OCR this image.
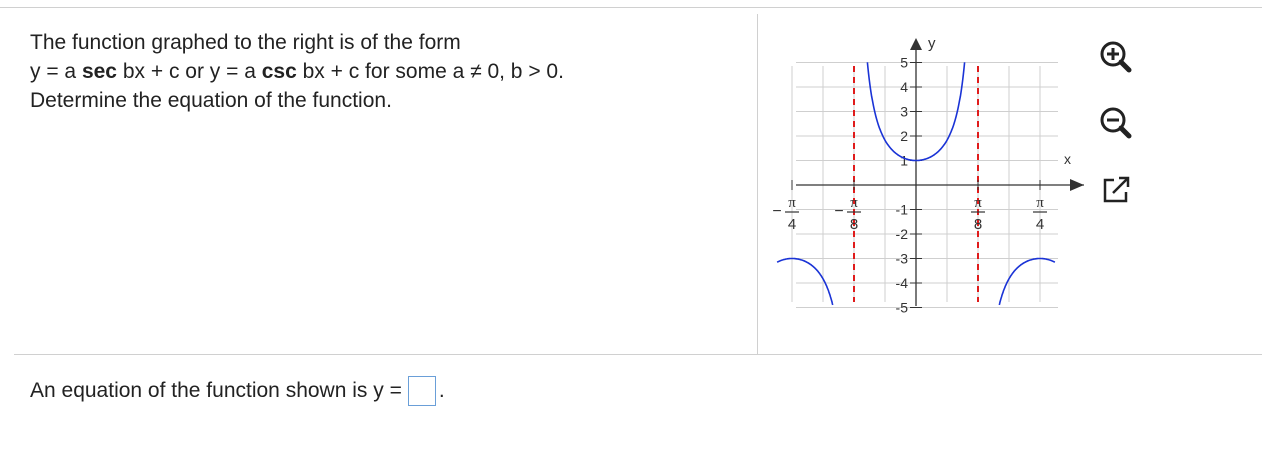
The function graphed to the right is of the form
y = a sec bx + c or y = a csc bx + c for some a ≠ 0, b > 0.
Determine the equation of the function.
y
x
5
4
3
2
1
-1
-2
-3
-4
-5
π
4
−	π
8
−	π
8
π
4
An equation of the function shown is y = .
